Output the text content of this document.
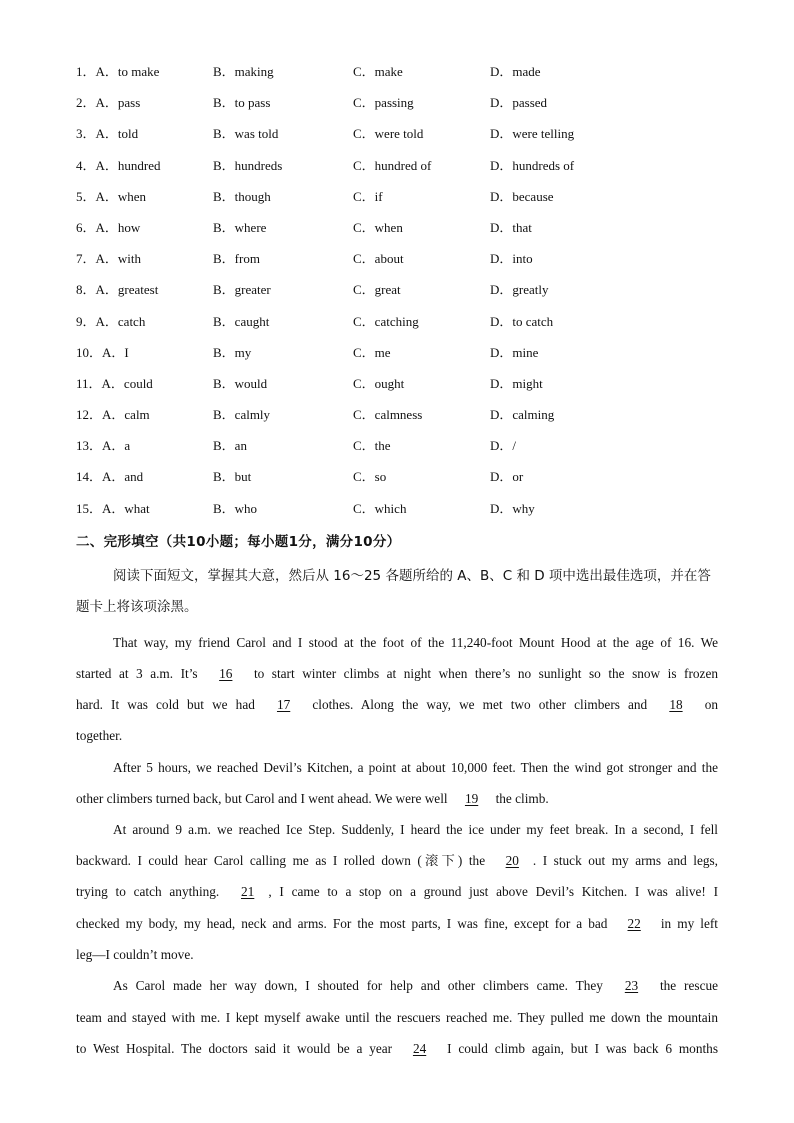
1．A．to make	B．making	C．make	D．made
2．A．pass	B．to pass	C．passing	D．passed
3．A．told	B．was told	C．were told	D．were telling
4．A．hundred	B．hundreds	C．hundred of	D．hundreds of
5．A．when	B．though	C．if	D．because
6．A．how	B．where	C．when	D．that
7．A．with	B．from	C．about	D．into
8．A．greatest	B．greater	C．great	D．greatly
9．A．catch	B．caught	C．catching	D．to catch
10．A．I	B．my	C．me	D．mine
11．A．could	B．would	C．ought	D．might
12．A．calm	B．calmly	C．calmness	D．calming
13．A．a	B．an	C．the	D．/
14．A．and	B．but	C．so	D．or
15．A．what	B．who	C．which	D．why
二、完形填空（共10小题；每小题1分，满分10分）
阅读下面短文，掌握其大意，然后从 16～25 各题所给的 A、B、C 和 D 项中选出最佳选项，并在答
题卡上将该项涂黑。
That way, my friend Carol and I stood at the foot of the 11,240-foot Mount Hood at the age of 16. We
started at 3 a.m. It’s 16 to start winter climbs at night when there’s no sunlight so the snow is frozen
hard. It was cold but we had 17 clothes. Along the way, we met two other climbers and 18 on
together.
After 5 hours, we reached Devil’s Kitchen, a point at about 10,000 feet. Then the wind got stronger and the
other climbers turned back, but Carol and I went ahead. We were well 19 the climb.
At around 9 a.m. we reached Ice Step. Suddenly, I heard the ice under my feet break. In a second, I fell
backward. I could hear Carol calling me as I rolled down (滚下) the 20 . I stuck out my arms and legs,
trying to catch anything. 21 , I came to a stop on a ground just above Devil’s Kitchen. I was alive! I
checked my body, my head, neck and arms. For the most parts, I was fine, except for a bad 22 in my left
leg—I couldn’t move.
As Carol made her way down, I shouted for help and other climbers came. They 23 the rescue
team and stayed with me. I kept myself awake until the rescuers reached me. They pulled me down the mountain
to West Hospital. The doctors said it would be a year 24 I could climb again, but I was back 6 months
